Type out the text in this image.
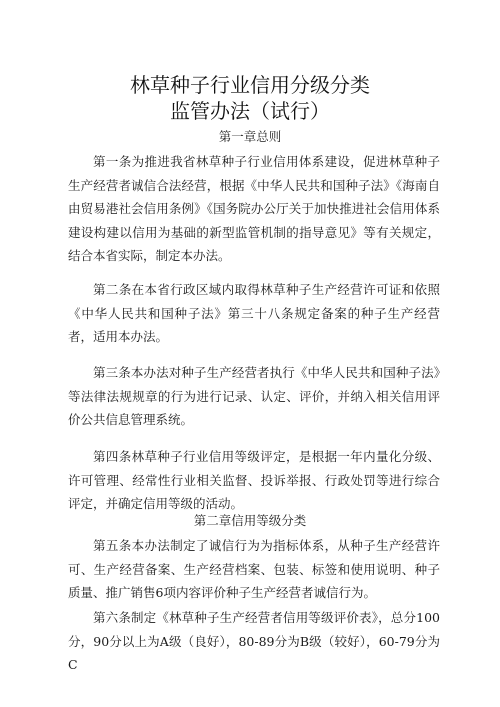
林草种子行业信用分级分类
监管办法（试行）
第一章总则

第一条为推进我省林草种子行业信用体系建设，促进林草种子生产经营者诚信合法经营，根据《中华人民共和国种子法》《海南自由贸易港社会信用条例》《国务院办公厅关于加快推进社会信用体系建设构建以信用为基础的新型监管机制的指导意见》等有关规定，结合本省实际，制定本办法。

第二条在本省行政区域内取得林草种子生产经营许可证和依照《中华人民共和国种子法》第三十八条规定备案的种子生产经营者，适用本办法。

第三条本办法对种子生产经营者执行《中华人民共和国种子法》等法律法规规章的行为进行记录、认定、评价，并纳入相关信用评价公共信息管理系统。

第四条林草种子行业信用等级评定，是根据一年内量化分级、许可管理、经常性行业相关监督、投诉举报、行政处罚等进行综合评定，并确定信用等级的活动。

第二章信用等级分类

第五条本办法制定了诚信行为为指标体系，从种子生产经营许可、生产经营备案、生产经营档案、包装、标签和使用说明、种子质量、推广销售6项内容评价种子生产经营者诚信行为。

第六条制定《林草种子生产经营者信用等级评价表》，总分100分，90分以上为A级（良好），80-89分为B级（较好），60-79分为C
